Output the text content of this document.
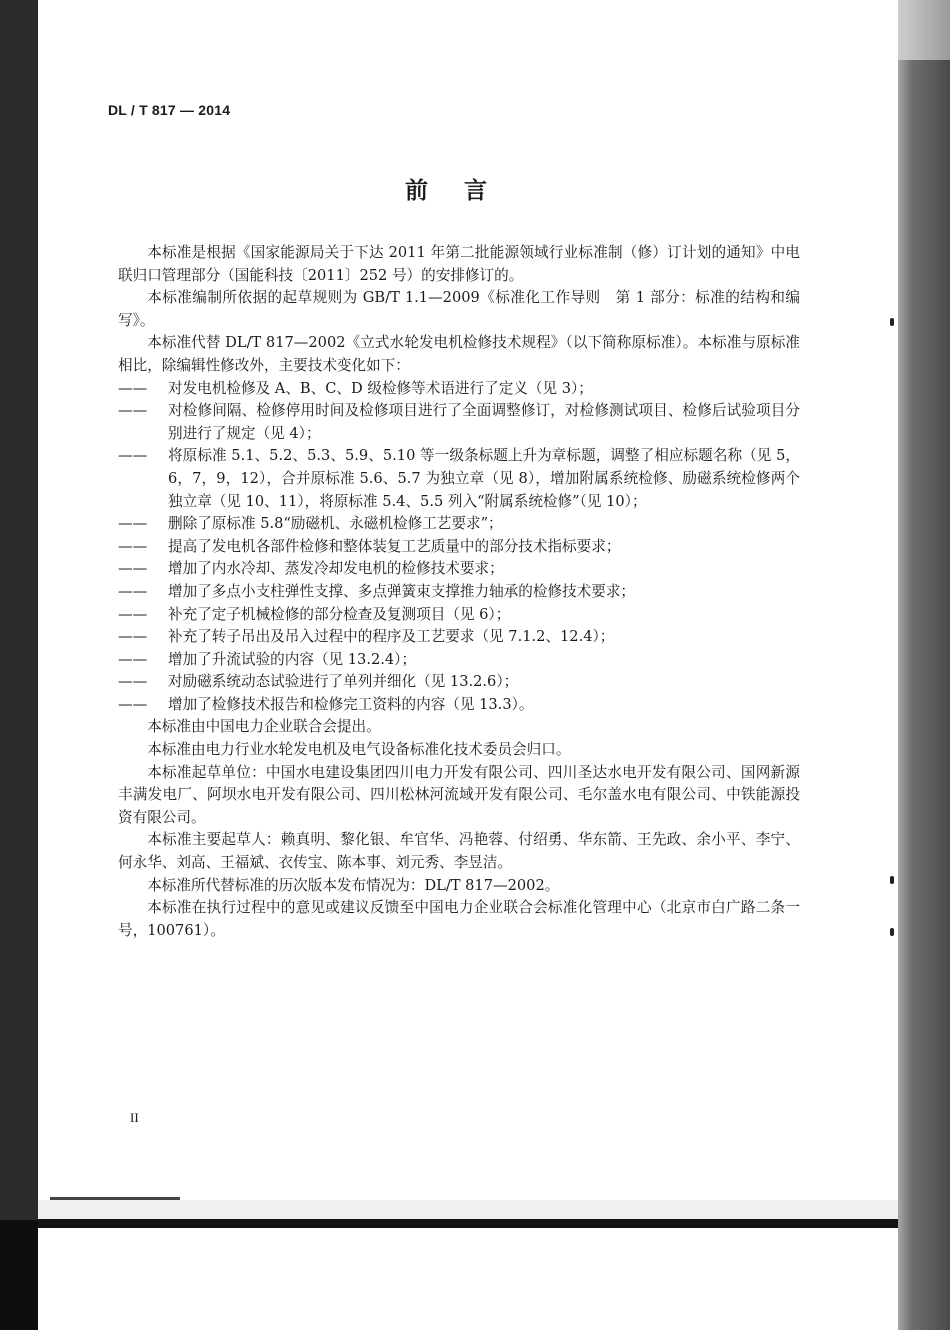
DL / T 817 — 2014
前 言

本标准是根据《国家能源局关于下达 2011 年第二批能源领域行业标准制（修）订计划的通知》中电联归口管理部分（国能科技〔2011〕252 号）的安排修订的。

本标准编制所依据的起草规则为 GB/T 1.1—2009《标准化工作导则　第 1 部分：标准的结构和编写》。

本标准代替 DL/T 817—2002《立式水轮发电机检修技术规程》（以下简称原标准）。本标准与原标准相比，除编辑性修改外，主要技术变化如下：

—— 对发电机检修及 A、B、C、D 级检修等术语进行了定义（见 3）；

—— 对检修间隔、检修停用时间及检修项目进行了全面调整修订，对检修测试项目、检修后试验项目分别进行了规定（见 4）；

—— 将原标准 5.1、5.2、5.3、5.9、5.10 等一级条标题上升为章标题，调整了相应标题名称（见 5，6，7，9，12），合并原标准 5.6、5.7 为独立章（见 8），增加附属系统检修、励磁系统检修两个独立章（见 10、11），将原标准 5.4、5.5 列入“附属系统检修”（见 10）；

—— 删除了原标准 5.8“励磁机、永磁机检修工艺要求”；

—— 提高了发电机各部件检修和整体装复工艺质量中的部分技术指标要求；

—— 增加了内水冷却、蒸发冷却发电机的检修技术要求；

—— 增加了多点小支柱弹性支撑、多点弹簧束支撑推力轴承的检修技术要求；

—— 补充了定子机械检修的部分检查及复测项目（见 6）；

—— 补充了转子吊出及吊入过程中的程序及工艺要求（见 7.1.2、12.4）；

—— 增加了升流试验的内容（见 13.2.4）；

—— 对励磁系统动态试验进行了单列并细化（见 13.2.6）；

—— 增加了检修技术报告和检修完工资料的内容（见 13.3）。

本标准由中国电力企业联合会提出。

本标准由电力行业水轮发电机及电气设备标准化技术委员会归口。

本标准起草单位：中国水电建设集团四川电力开发有限公司、四川圣达水电开发有限公司、国网新源丰满发电厂、阿坝水电开发有限公司、四川松林河流域开发有限公司、毛尔盖水电有限公司、中铁能源投资有限公司。

本标准主要起草人：赖真明、黎化银、牟官华、冯艳蓉、付绍勇、华东箭、王先政、余小平、李宁、何永华、刘高、王福斌、衣传宝、陈本事、刘元秀、李昱洁。

本标准所代替标准的历次版本发布情况为：DL/T 817—2002。

本标准在执行过程中的意见或建议反馈至中国电力企业联合会标准化管理中心（北京市白广路二条一号，100761）。

II
